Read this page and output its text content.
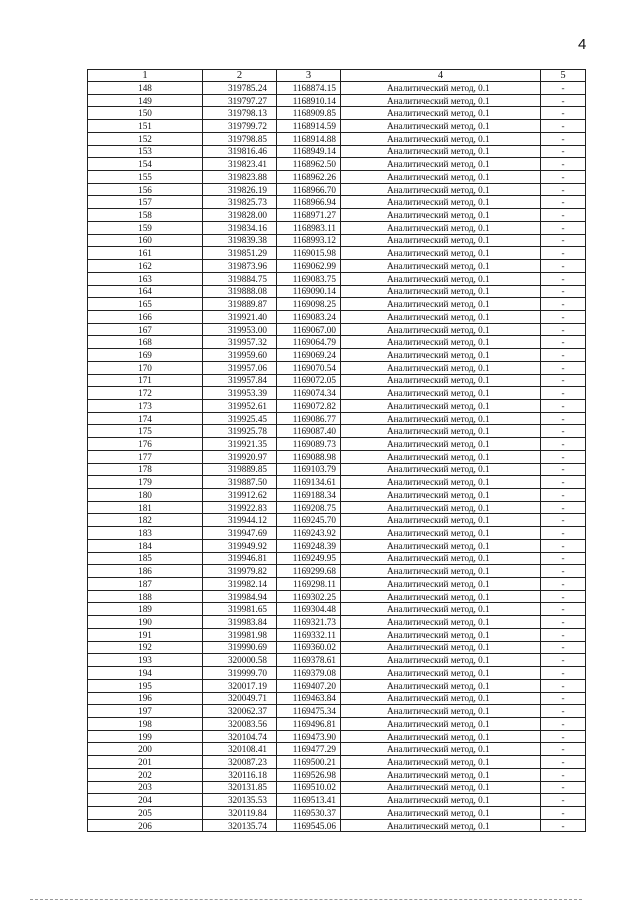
4
1	2	3	4	5
148	319785.24	1168874.15	Аналитический метод, 0.1	-
149	319797.27	1168910.14	Аналитический метод, 0.1	-
150	319798.13	1168909.85	Аналитический метод, 0.1	-
151	319799.72	1168914.59	Аналитический метод, 0.1	-
152	319798.85	1168914.88	Аналитический метод, 0.1	-
153	319816.46	1168949.14	Аналитический метод, 0.1	-
154	319823.41	1168962.50	Аналитический метод, 0.1	-
155	319823.88	1168962.26	Аналитический метод, 0.1	-
156	319826.19	1168966.70	Аналитический метод, 0.1	-
157	319825.73	1168966.94	Аналитический метод, 0.1	-
158	319828.00	1168971.27	Аналитический метод, 0.1	-
159	319834.16	1168983.11	Аналитический метод, 0.1	-
160	319839.38	1168993.12	Аналитический метод, 0.1	-
161	319851.29	1169015.98	Аналитический метод, 0.1	-
162	319873.96	1169062.99	Аналитический метод, 0.1	-
163	319884.75	1169083.75	Аналитический метод, 0.1	-
164	319888.08	1169090.14	Аналитический метод, 0.1	-
165	319889.87	1169098.25	Аналитический метод, 0.1	-
166	319921.40	1169083.24	Аналитический метод, 0.1	-
167	319953.00	1169067.00	Аналитический метод, 0.1	-
168	319957.32	1169064.79	Аналитический метод, 0.1	-
169	319959.60	1169069.24	Аналитический метод, 0.1	-
170	319957.06	1169070.54	Аналитический метод, 0.1	-
171	319957.84	1169072.05	Аналитический метод, 0.1	-
172	319953.39	1169074.34	Аналитический метод, 0.1	-
173	319952.61	1169072.82	Аналитический метод, 0.1	-
174	319925.45	1169086.77	Аналитический метод, 0.1	-
175	319925.78	1169087.40	Аналитический метод, 0.1	-
176	319921.35	1169089.73	Аналитический метод, 0.1	-
177	319920.97	1169088.98	Аналитический метод, 0.1	-
178	319889.85	1169103.79	Аналитический метод, 0.1	-
179	319887.50	1169134.61	Аналитический метод, 0.1	-
180	319912.62	1169188.34	Аналитический метод, 0.1	-
181	319922.83	1169208.75	Аналитический метод, 0.1	-
182	319944.12	1169245.70	Аналитический метод, 0.1	-
183	319947.69	1169243.92	Аналитический метод, 0.1	-
184	319949.92	1169248.39	Аналитический метод, 0.1	-
185	319946.81	1169249.95	Аналитический метод, 0.1	-
186	319979.82	1169299.68	Аналитический метод, 0.1	-
187	319982.14	1169298.11	Аналитический метод, 0.1	-
188	319984.94	1169302.25	Аналитический метод, 0.1	-
189	319981.65	1169304.48	Аналитический метод, 0.1	-
190	319983.84	1169321.73	Аналитический метод, 0.1	-
191	319981.98	1169332.11	Аналитический метод, 0.1	-
192	319990.69	1169360.02	Аналитический метод, 0.1	-
193	320000.58	1169378.61	Аналитический метод, 0.1	-
194	319999.70	1169379.08	Аналитический метод, 0.1	-
195	320017.19	1169407.20	Аналитический метод, 0.1	-
196	320049.71	1169463.84	Аналитический метод, 0.1	-
197	320062.37	1169475.34	Аналитический метод, 0.1	-
198	320083.56	1169496.81	Аналитический метод, 0.1	-
199	320104.74	1169473.90	Аналитический метод, 0.1	-
200	320108.41	1169477.29	Аналитический метод, 0.1	-
201	320087.23	1169500.21	Аналитический метод, 0.1	-
202	320116.18	1169526.98	Аналитический метод, 0.1	-
203	320131.85	1169510.02	Аналитический метод, 0.1	-
204	320135.53	1169513.41	Аналитический метод, 0.1	-
205	320119.84	1169530.37	Аналитический метод, 0.1	-
206	320135.74	1169545.06	Аналитический метод, 0.1	-
